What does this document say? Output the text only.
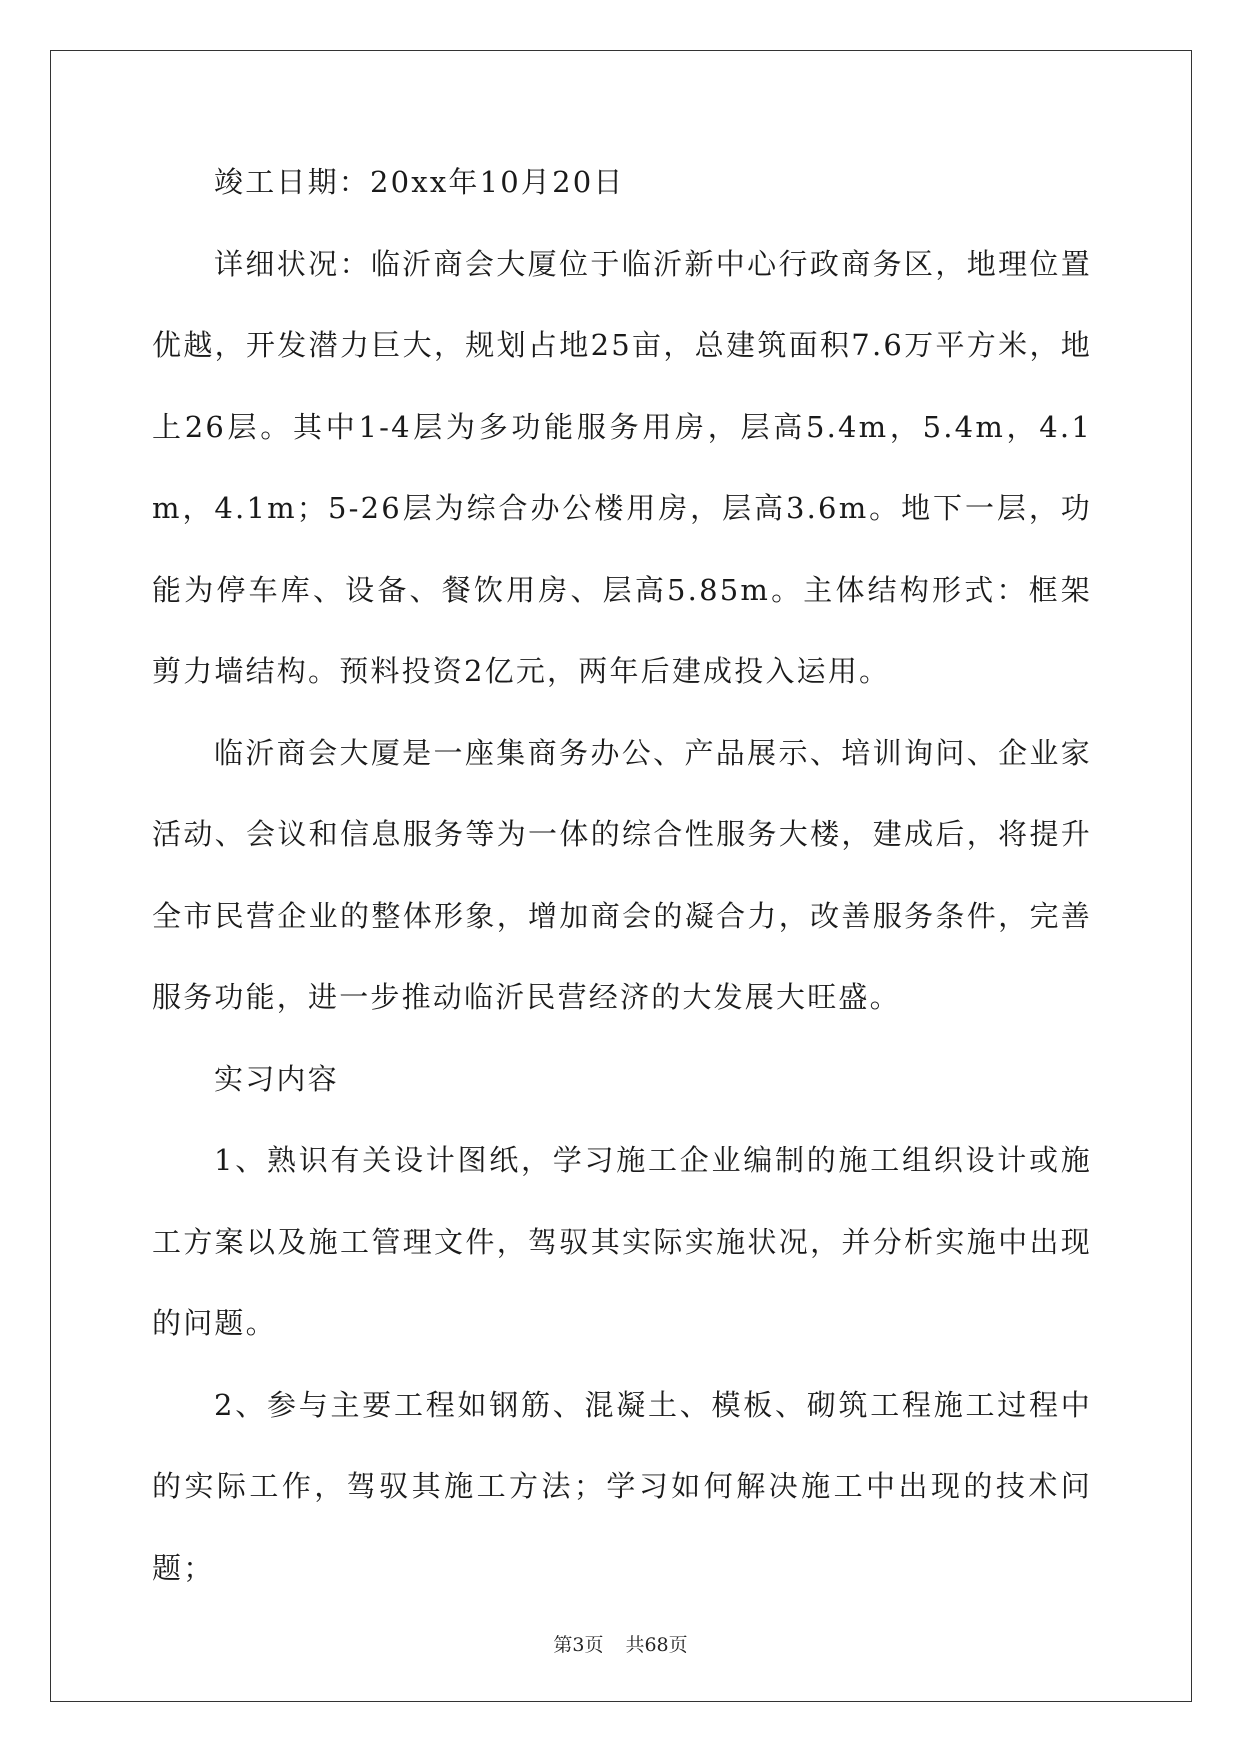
竣工日期：20xx年10月20日

详细状况：临沂商会大厦位于临沂新中心行政商务区，地理位置优越，开发潜力巨大，规划占地25亩，总建筑面积7.6万平方米，地上26层。其中1-4层为多功能服务用房，层高5.4m，5.4m，4.1m，4.1m；5-26层为综合办公楼用房，层高3.6m。地下一层，功能为停车库、设备、餐饮用房、层高5.85m。主体结构形式：框架剪力墙结构。预料投资2亿元，两年后建成投入运用。

临沂商会大厦是一座集商务办公、产品展示、培训询问、企业家活动、会议和信息服务等为一体的综合性服务大楼，建成后，将提升全市民营企业的整体形象，增加商会的凝合力，改善服务条件，完善服务功能，进一步推动临沂民营经济的大发展大旺盛。

实习内容

1、熟识有关设计图纸，学习施工企业编制的施工组织设计或施工方案以及施工管理文件，驾驭其实际实施状况，并分析实施中出现的问题。

2、参与主要工程如钢筋、混凝土、模板、砌筑工程施工过程中的实际工作，驾驭其施工方法；学习如何解决施工中出现的技术问题；

第3页 共68页
